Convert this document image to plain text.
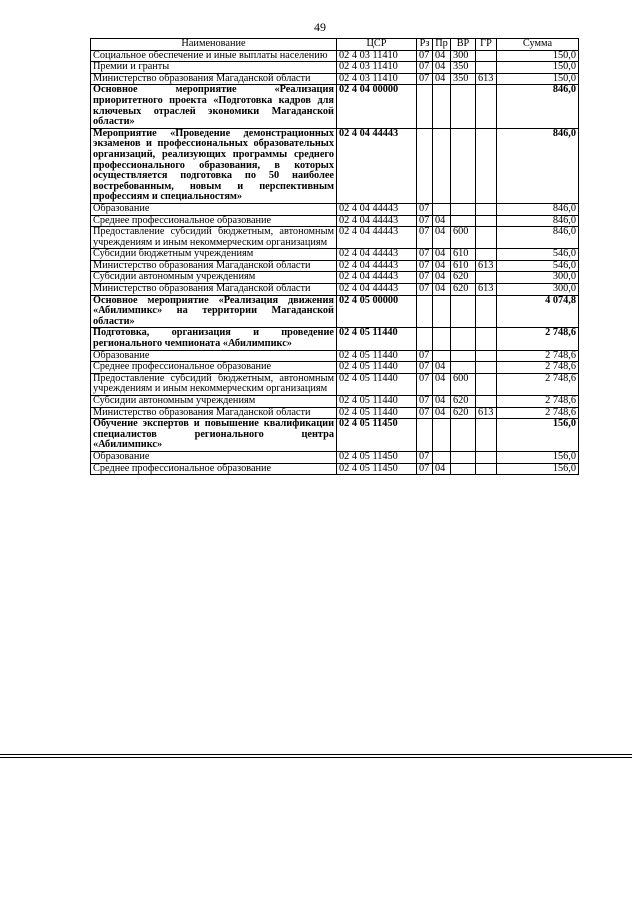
49
Наименование	ЦСР	Рз	Пр	ВР	ГР	Сумма
Социальное обеспечение и иные выплаты населению	02 4 03 11410	07	04	300		150,0
Премии и гранты	02 4 03 11410	07	04	350		150,0
Министерство образования Магаданской области	02 4 03 11410	07	04	350	613	150,0
Основное мероприятие «Реализация приоритетного проекта «Подготовка кадров для ключевых отраслей экономики Магаданской области»	02 4 04 00000					846,0
Мероприятие «Проведение демонстрационных экзаменов и профессиональных образовательных организаций, реализующих программы среднего профессионального образования, в которых осуществляется подготовка по 50 наиболее востребованным, новым и перспективным профессиям и специальностям»	02 4 04 44443					846,0
Образование	02 4 04 44443	07				846,0
Среднее профессиональное образование	02 4 04 44443	07	04			846,0
Предоставление субсидий бюджетным, автономным учреждениям и иным некоммерческим организациям	02 4 04 44443	07	04	600		846,0
Субсидии бюджетным учреждениям	02 4 04 44443	07	04	610		546,0
Министерство образования Магаданской области	02 4 04 44443	07	04	610	613	546,0
Субсидии автономным учреждениям	02 4 04 44443	07	04	620		300,0
Министерство образования Магаданской области	02 4 04 44443	07	04	620	613	300,0
Основное мероприятие «Реализация движения «Абилимпикс» на территории Магаданской области»	02 4 05 00000					4 074,8
Подготовка, организация и проведение регионального чемпионата «Абилимпикс»	02 4 05 11440					2 748,6
Образование	02 4 05 11440	07				2 748,6
Среднее профессиональное образование	02 4 05 11440	07	04			2 748,6
Предоставление субсидий бюджетным, автономным учреждениям и иным некоммерческим организациям	02 4 05 11440	07	04	600		2 748,6
Субсидии автономным учреждениям	02 4 05 11440	07	04	620		2 748,6
Министерство образования Магаданской области	02 4 05 11440	07	04	620	613	2 748,6
Обучение экспертов и повышение квалификации специалистов регионального центра «Абилимпикс»	02 4 05 11450					156,0
Образование	02 4 05 11450	07				156,0
Среднее профессиональное образование	02 4 05 11450	07	04			156,0
